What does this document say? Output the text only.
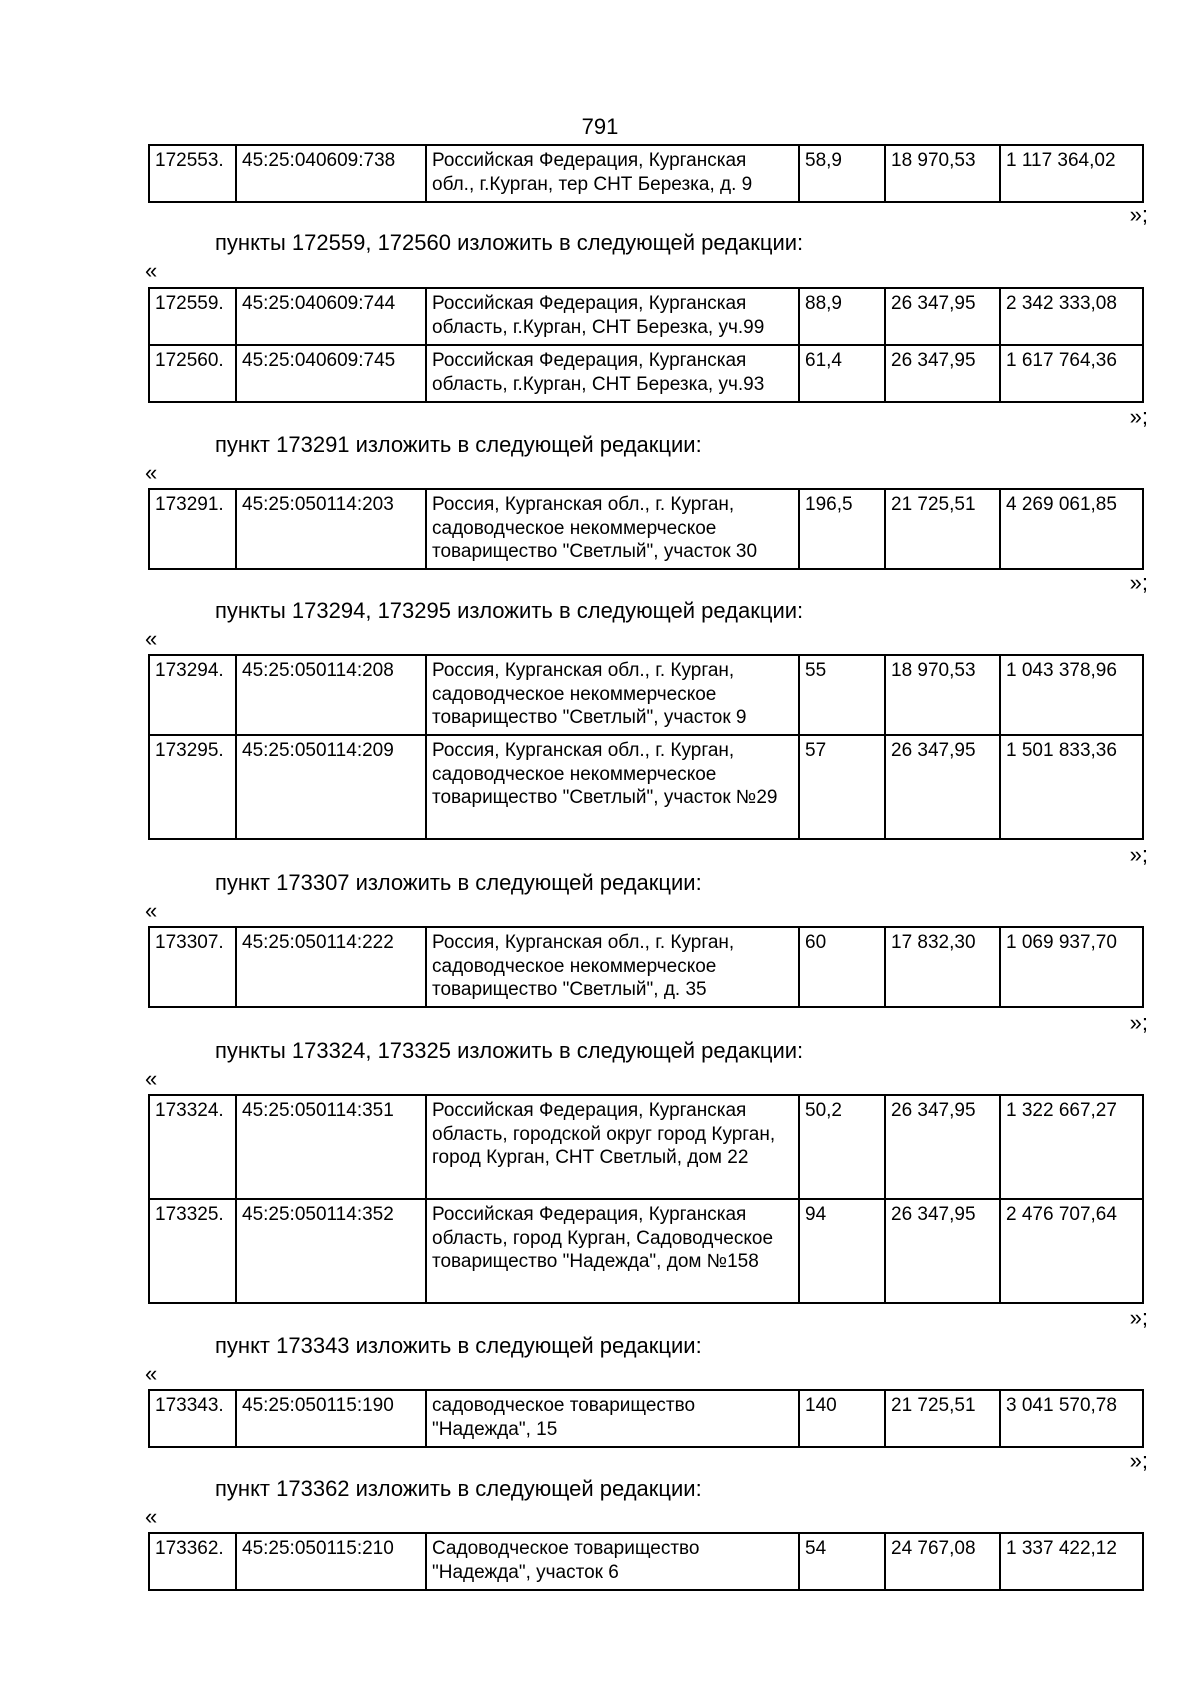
791
172553.	45:25:040609:738	Российская Федерация, Курганская обл., г.Курган, тер СНТ Березка, д. 9	58,9	18 970,53	1 117 364,02
»;
пункты 172559, 172560 изложить в следующей редакции:
«
172559.	45:25:040609:744	Российская Федерация, Курганская область, г.Курган, СНТ Березка, уч.99	88,9	26 347,95	2 342 333,08
172560.	45:25:040609:745	Российская Федерация, Курганская область, г.Курган, СНТ Березка, уч.93	61,4	26 347,95	1 617 764,36
»;
пункт 173291 изложить в следующей редакции:
«
173291.	45:25:050114:203	Россия, Курганская обл., г. Курган, садоводческое некоммерческое товарищество "Светлый", участок 30	196,5	21 725,51	4 269 061,85
»;
пункты 173294, 173295 изложить в следующей редакции:
«
173294.	45:25:050114:208	Россия, Курганская обл., г. Курган, садоводческое некоммерческое товарищество "Светлый", участок 9	55	18 970,53	1 043 378,96
173295.	45:25:050114:209	Россия, Курганская обл., г. Курган, садоводческое некоммерческое товарищество "Светлый", участок №29	57	26 347,95	1 501 833,36
»;
пункт 173307 изложить в следующей редакции:
«
173307.	45:25:050114:222	Россия, Курганская обл., г. Курган, садоводческое некоммерческое товарищество "Светлый", д. 35	60	17 832,30	1 069 937,70
»;
пункты 173324, 173325 изложить в следующей редакции:
«
173324.	45:25:050114:351	Российская Федерация, Курганская область, городской округ город Курган, город Курган, СНТ Светлый, дом 22	50,2	26 347,95	1 322 667,27
173325.	45:25:050114:352	Российская Федерация, Курганская область, город Курган, Садоводческое товарищество "Надежда", дом №158	94	26 347,95	2 476 707,64
»;
пункт 173343 изложить в следующей редакции:
«
173343.	45:25:050115:190	садоводческое товарищество "Надежда", 15	140	21 725,51	3 041 570,78
»;
пункт 173362 изложить в следующей редакции:
«
173362.	45:25:050115:210	Садоводческое товарищество "Надежда", участок 6	54	24 767,08	1 337 422,12
